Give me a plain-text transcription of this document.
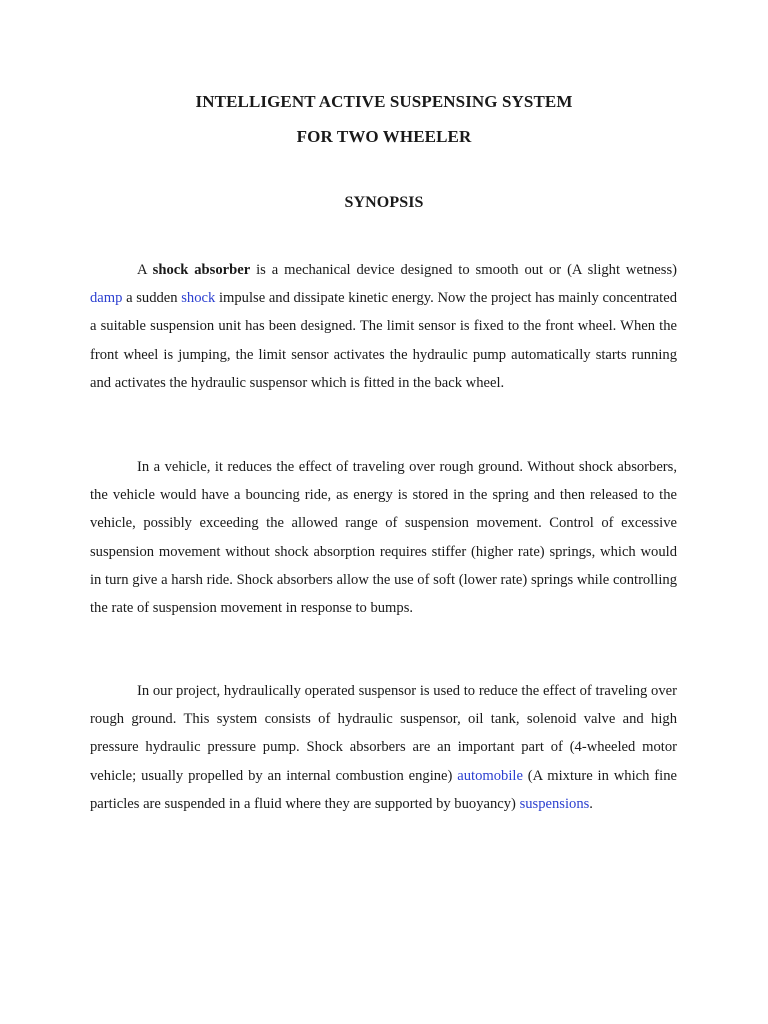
INTELLIGENT ACTIVE SUSPENSING SYSTEM
FOR TWO WHEELER
SYNOPSIS

A shock absorber is a mechanical device designed to smooth out or (A slight wetness) damp a sudden shock impulse and dissipate kinetic energy. Now the project has mainly concentrated a suitable suspension unit has been designed. The limit sensor is fixed to the front wheel. When the front wheel is jumping, the limit sensor activates the hydraulic pump automatically starts running and activates the hydraulic suspensor which is fitted in the back wheel.

In a vehicle, it reduces the effect of traveling over rough ground. Without shock absorbers, the vehicle would have a bouncing ride, as energy is stored in the spring and then released to the vehicle, possibly exceeding the allowed range of suspension movement. Control of excessive suspension movement without shock absorption requires stiffer (higher rate) springs, which would in turn give a harsh ride. Shock absorbers allow the use of soft (lower rate) springs while controlling the rate of suspension movement in response to bumps.

In our project, hydraulically operated suspensor is used to reduce the effect of traveling over rough ground. This system consists of hydraulic suspensor, oil tank, solenoid valve and high pressure hydraulic pressure pump. Shock absorbers are an important part of (4-wheeled motor vehicle; usually propelled by an internal combustion engine) automobile (A mixture in which fine particles are suspended in a fluid where they are supported by buoyancy) suspensions.
